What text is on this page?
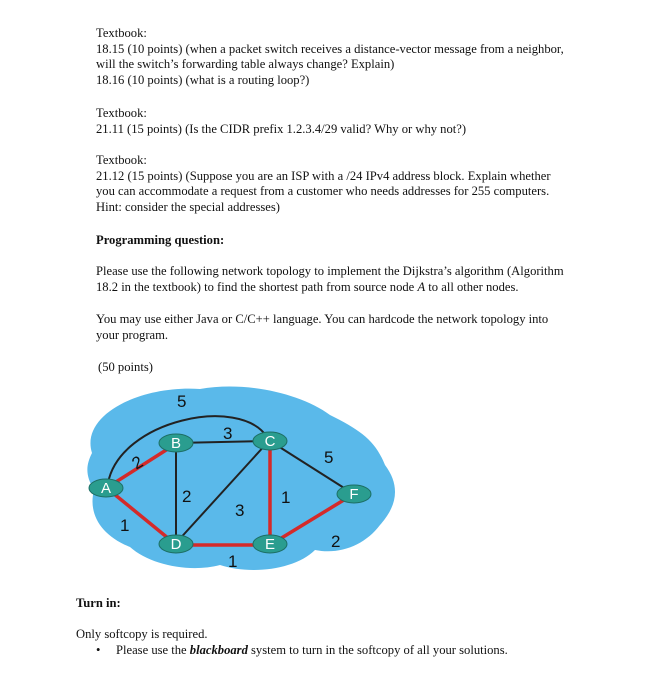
Textbook:
18.15 (10 points) (when a packet switch receives a distance-vector message from a neighbor,
will the switch’s forwarding table always change? Explain)
18.16 (10 points) (what is a routing loop?)
Textbook:
21.11 (15 points) (Is the CIDR prefix 1.2.3.4/29 valid? Why or why not?)
Textbook:
21.12 (15 points) (Suppose you are an ISP with a /24 IPv4 address block. Explain whether
you can accommodate a request from a customer who needs addresses for 255 computers.
Hint: consider the special addresses)
Programming question:
Please use the following network topology to implement the Dijkstra’s algorithm (Algorithm
18.2 in the textbook) to find the shortest path from source node A to all other nodes.
You may use either Java or C/C++ language. You can hardcode the network topology into
your program.
(50 points)
A
B	C
D	E
F
5
3
2	5
2
3
1
1
1
2
Turn in:
Only softcopy is required.
• Please use the blackboard system to turn in the softcopy of all your solutions.
